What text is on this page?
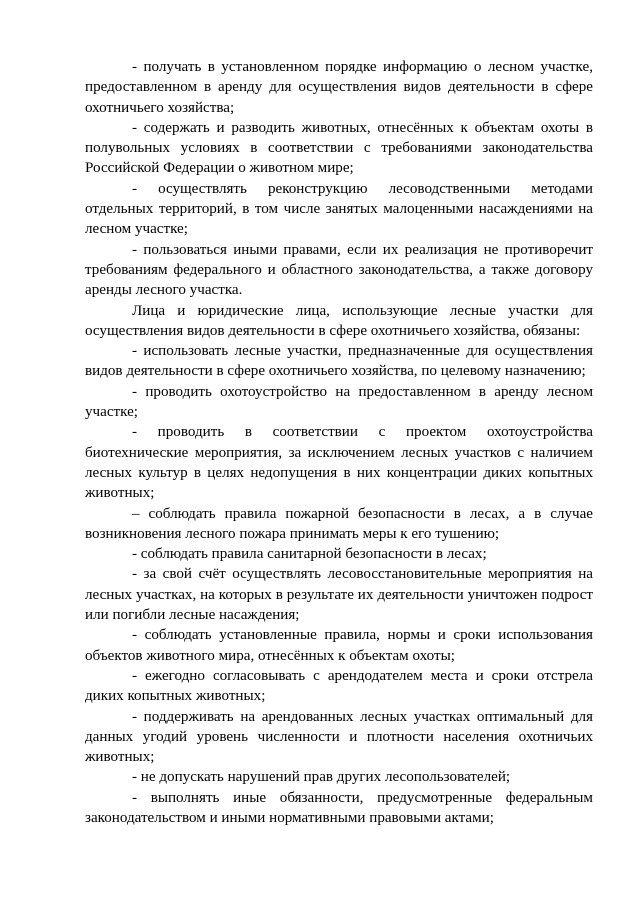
- получать в установленном порядке информацию о лесном участке, предоставленном в аренду для осуществления видов деятельности в сфере охотничьего хозяйства;

- содержать и разводить животных, отнесённых к объектам охоты в полувольных условиях в соответствии с требованиями законодательства Российской Федерации о животном мире;

- осуществлять реконструкцию лесоводственными методами отдельных территорий, в том числе занятых малоценными насаждениями на лесном участке;

- пользоваться иными правами, если их реализация не противоречит требованиям федерального и областного законодательства, а также договору аренды лесного участка.

Лица и юридические лица, использующие лесные участки для осуществления видов деятельности в сфере охотничьего хозяйства, обязаны:

- использовать лесные участки, предназначенные для осуществления видов деятельности в сфере охотничьего хозяйства, по целевому назначению;

- проводить охотоустройство на предоставленном в аренду лесном участке;

- проводить в соответствии с проектом охотоустройства биотехнические мероприятия, за исключением лесных участков с наличием лесных культур в целях недопущения в них концентрации диких копытных животных;

– соблюдать правила пожарной безопасности в лесах, а в случае возникновения лесного пожара принимать меры к его тушению;

- соблюдать правила санитарной безопасности в лесах;

- за свой счёт осуществлять лесовосстановительные мероприятия на лесных участках, на которых в результате их деятельности уничтожен подрост или погибли лесные насаждения;

- соблюдать установленные правила, нормы и сроки использования объектов животного мира, отнесённых к объектам охоты;

- ежегодно согласовывать с арендодателем места и сроки отстрела диких копытных животных;

- поддерживать на арендованных лесных участках оптимальный для данных угодий уровень численности и плотности населения охотничьих животных;

- не допускать нарушений прав других лесопользователей;

- выполнять иные обязанности, предусмотренные федеральным законодательством и иными нормативными правовыми актами;
